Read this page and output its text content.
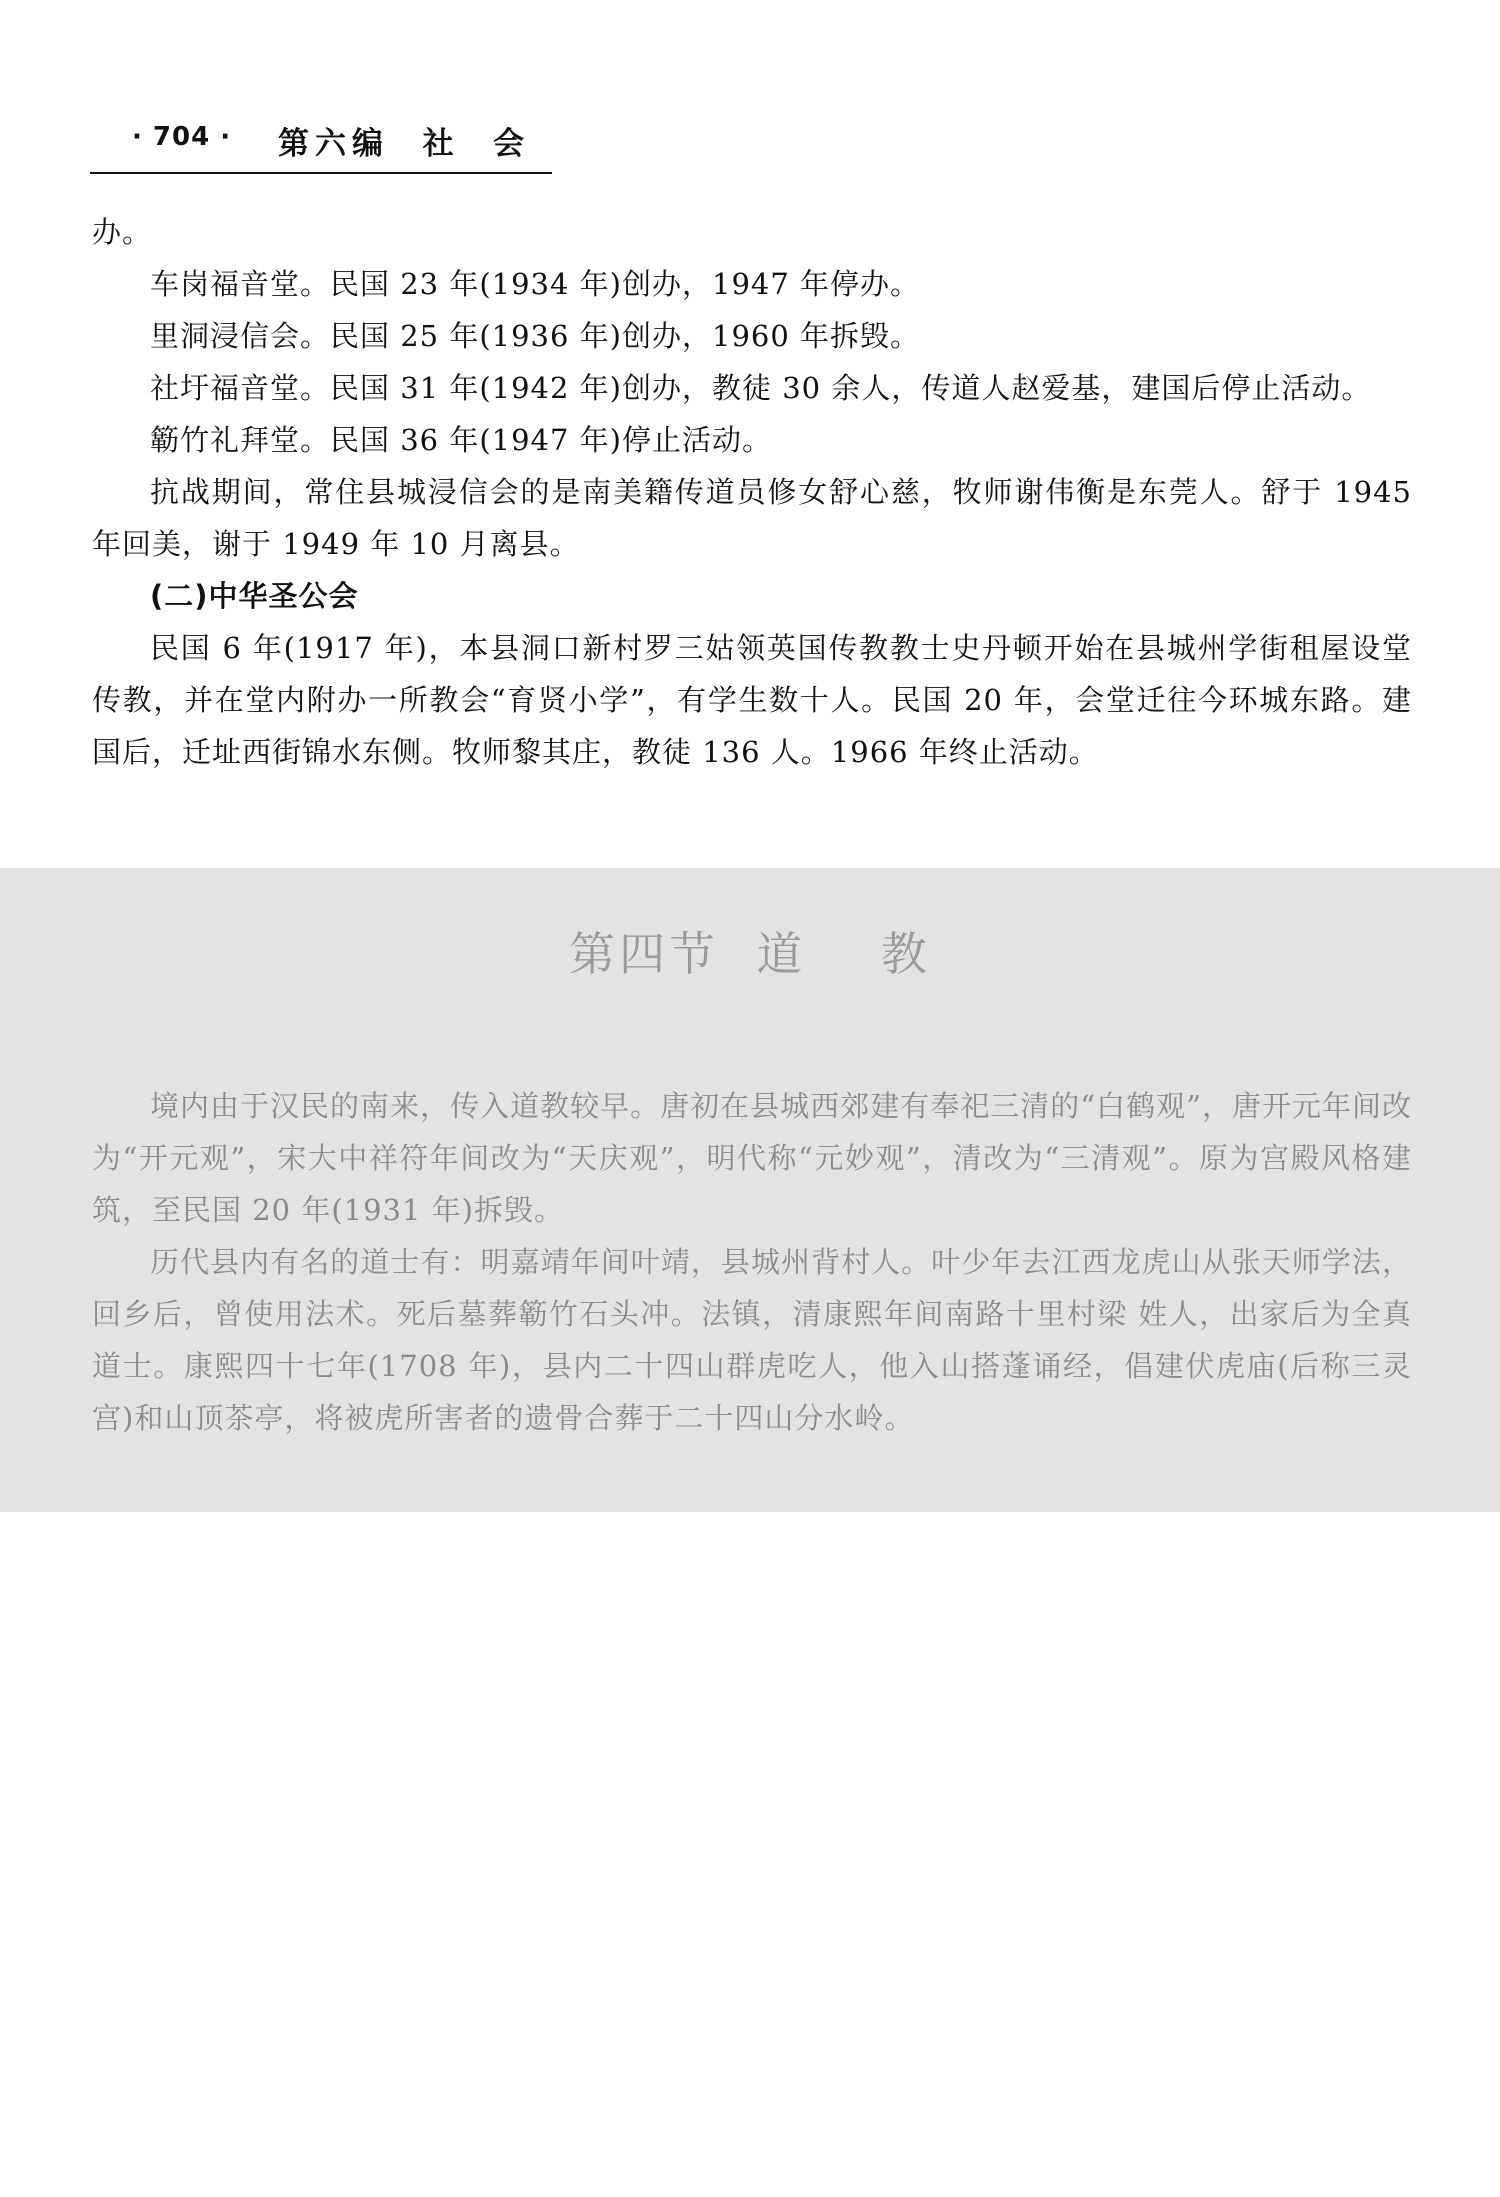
· 704 · 第六编  社  会

办。

车岗福音堂。民国 23 年(1934 年)创办，1947 年停办。

里洞浸信会。民国 25 年(1936 年)创办，1960 年拆毁。

社圩福音堂。民国 31 年(1942 年)创办，教徒 30 余人，传道人赵爱基，建国后停止活动。

簕竹礼拜堂。民国 36 年(1947 年)停止活动。

抗战期间，常住县城浸信会的是南美籍传道员修女舒心慈，牧师谢伟衡是东莞人。舒于 1945 年回美，谢于 1949 年 10 月离县。

(二)中华圣公会

民国 6 年(1917 年)，本县洞口新村罗三姑领英国传教教士史丹顿开始在县城州学街租屋设堂传教，并在堂内附办一所教会“育贤小学”，有学生数十人。民国 20 年，会堂迁往今环城东路。建国后，迁址西街锦水东侧。牧师黎其庄，教徒 136 人。1966 年终止活动。

第四节  道    教

境内由于汉民的南来，传入道教较早。唐初在县城西郊建有奉祀三清的“白鹤观”，唐开元年间改为“开元观”，宋大中祥符年间改为“天庆观”，明代称“元妙观”，清改为“三清观”。原为宫殿风格建筑，至民国 20 年(1931 年)拆毁。

历代县内有名的道士有：明嘉靖年间叶靖，县城州背村人。叶少年去江西龙虎山从张天师学法，回乡后，曾使用法术。死后墓葬簕竹石头冲。法镇，清康熙年间南路十里村梁 姓人，出家后为全真道士。康熙四十七年(1708 年)，县内二十四山群虎吃人，他入山搭蓬诵经，倡建伏虎庙(后称三灵宫)和山顶茶亭，将被虎所害者的遗骨合葬于二十四山分水岭。
